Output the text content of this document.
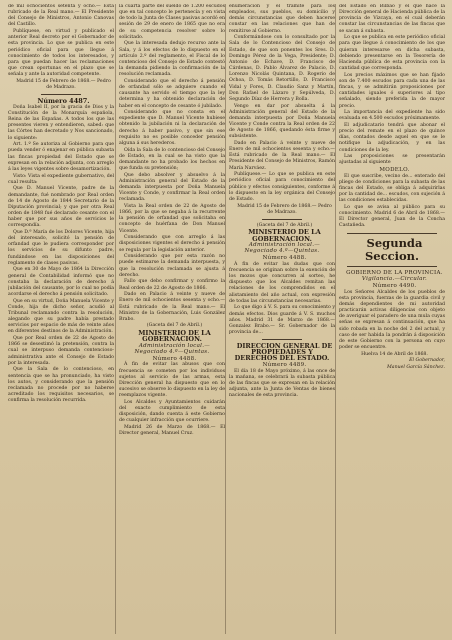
de mil ochocientos setenta y ocho.— Esta rubricado de la Real mano.— El Presidente del Consejo de Ministros, Antonio Canovas del Castillo.

Publíquese, en virtud y publicado el anterior Real decreto por el Gobernador de esta provincia. Lo que se publica en este periódico oficial para que llegue á conocimiento de todos los interesados, y para que puedan hacer las reclamaciones que crean oportunas en el plazo que se señala y ante la autoridad competente.

Madrid 15 de Febrero de 1868.— Pedro de Madrazo.

Número 4487.

Doña Isabel II, por la gracia de Dios y la Constitución de la Monarquía española, Reina de las Españas. A todos los que las presentes vieren y entendieren, sabed: que las Córtes han decretado y Nos sancionado, lo siguiente:

Art. 1.º Se autoriza al Gobierno para que pueda vender ó enajenar en pública subasta las fincas propiedad del Estado que se expresan en la relación adjunta, con arreglo á las leyes vigentes sobre desamortización.

Visto: Vista el expediente gubernativo, del cual resulta:

Que D. Manuel Vicente, padre de la demandante, fué nombrado por Real orden de 14 de Agosto de 1844 Secretario de la Diputación provincial; y que por otra Real orden de 1848 fué declarado cesante con el haber que por sus años de servicios le correspondía.

Que D.ª María de los Dolores Vicente, hija del interesado, solicitó la pensión de orfandad que le pudiera corresponder por los servicios de su difunto padre, fundándose en las disposiciones del reglamento de clases pasivas.

Que en 30 de Mayo de 1864 la Dirección general de Contabilidad informó que no constaba la declaración de derecho á jubilación del causante, por lo cual no podía acordarse el derecho á pensión solicitado.

Que en su virtud, Doña Manuela Vicente y Conde, hija de dicho señor, acudió al Tribunal reclamando contra la resolución, alegando que su padre había prestado servicios por espacio de más de veinte años en diferentes destinos de la Administración.

Que por Real orden de 22 de Agosto de 1866 se desestimó la pretensión, contra la cual se interpuso demanda contencioso-administrativa ante el Consejo de Estado por la interesada.

Que la Sala de lo contencioso, en sentencia que se ha pronunciado, ha visto los autos, y considerando que la pensión reclamada no procede por no haberse acreditado los requisitos necesarios, se confirma la resolución recurrida.

la cuarta parte del sueldo de 1.200 escudos que en tal concepto le pertenecía y en vista de todo la Junta de Clases pasivas acordó en sesión de 29 de enero de 1865 que no era de su competencia resolver sobre lo solicitado.

Que la interesada dedujo recurso ante la Sala, y á los efectos de lo dispuesto en el artículo 2.º del reglamento, el Fiscal de lo contencioso del Consejo de Estado contestó la demanda pidiendo la confirmación de la resolución reclamada.

Considerando que el derecho á pensión de orfandad sólo se adquiere cuando el causante ha servido el tiempo que la ley determina y ha obtenido declaración de haber en el concepto de cesante ó jubilado.

Considerando que no consta en el expediente que D. Manuel Vicente hubiese obtenido la jubilación ni la declaración de derecho á haber pasivo, y que sin ese requisito no es posible conceder pensión alguna á sus herederos.

Oída la Sala de lo contencioso del Consejo de Estado, en la cual se ha visto que la demandante no ha probado los hechos en que funda su pretensión;

Que debo absolver y absuelvo á la Administración general del Estado de la demanda interpuesta por Doña Manuela Vicente y Conde, y confirmar la Real orden reclamada.

Vista la Real orden de 22 de Agosto de 1866, por la que se negaba á la recurrente la pensión de orfandad que solicitaba en concepto de huérfana de Don Manuel Vicente.

Considerando que con arreglo á las disposiciones vigentes el derecho á pensión se regula por la legislación anterior.

Considerando que por esta razón no puede estimarse la demanda interpuesta, y que la resolución reclamada se ajusta á derecho.

Fallo que debo confirmar y confirmo la Real orden de 22 de Agosto de 1866.

Dado en Palacio á veinte y nueve de Enero de mil ochocientos sesenta y ocho.— Está rubricado de la Real mano.— El Ministro de la Gobernación, Luis González Brabo.

(Gaceta del 7 de Abril.)

MINISTERIO DE LA GOBERNACION.

Administración local.— Negociado 4.º—Quintas.

Número 4488.

Á fin de evitar las abusos que con frecuencia se cometen por los individuos sujetos al servicio de las armas, esta Dirección general ha dispuesto que en lo sucesivo se observe lo dispuesto en la ley de reemplazos vigente.

Los Alcaldes y Ayuntamientos cuidarán del exacto cumplimiento de esta disposición, dando cuenta á este Gobierno de cualquier infracción que ocurriere.

Madrid 26 de Marzo de 1868.— El Director general, Manuel Cruz.

enumeración y el trámite para los empleados, sus pueblos, su domicilio y demás circunstancias que deben hacerse constar en las relaciones que han de remitirse al Gobierno.

Conformándose con lo consultado por la Sala de lo Contencioso del Consejo de Estado, de que son ponentes los Sres. D. Domingo Pérez de la Vega, Presidente; D. Antonio de Echave, D. Francisco de Cárdenas, D. Pablo Álvarez de Palacio, D. Lorenzo Nicolás Quintana, D. Rogerio de Ochoa, D. Tomás Retortillo, D. Francisco Vidal y Fores, D. Claudio Sanz y Martín, Don Rafael de Lázaro y Sepúlveda, D. Segundo Díaz de Herrera y Bolla.

Vengo en dar por absuelta á la Administración general del Estado de la demanda interpuesta por Doña Manuela Vicente y Conde contra la Real orden de 22 de Agosto de 1866, quedando ésta firme y subsistente.

Dado en Palacio á veinte y nueve de Enero de mil ochocientos sesenta y ocho.— Está rubricado de la Real mano.— El Presidente del Consejo de Ministros, Ramón María Narváez.

Publíquese.— Lo que se publica en este periódico oficial para conocimiento del público y efectos consiguientes, conforme á lo dispuesto en la ley orgánica del Consejo de Estado.

Madrid 15 de Febrero de 1868.— Pedro de Madrazo.

(Gaceta del 7 de Abril.)

MINISTERIO DE LA GOBERNACION.

Administración local.— Negociado 4.º—Quintas.

Número 4488.

Á fin de evitar las dudas que con frecuencia se originan sobre la exención de los mozos que concurren al sorteo, he dispuesto que los Alcaldes remitan las relaciones de los comprendidos en el alistamiento del año actual, con expresión de todas las circunstancias necesarias.

Lo que digo á V. S. para su conocimiento y demás efectos. Dios guarde á V. S. muchos años. Madrid 31 de Marzo de 1868.— Gonzalez Brabo.— Sr. Gobernador de la provincia de...

DIRECCION GENERAL DE PROPIEDADES Y DERECHOS DEL ESTADO.

Número 4489.

El día 18 de Mayo próximo, á las once de la mañana, se celebrará la subasta pública de las fincas que se expresan en la relación adjunta, ante la Junta de Ventas de bienes nacionales de esta provincia.

del Estado en Bilbao y el que hace la Dirección general de Hacienda pública de la provincia de Vizcaya, en el cual deberán constar las circunstancias de las fincas que se sacan á subasta.

Lo que se publica en este periódico oficial para que llegue á conocimiento de los que quieran interesarse en dicha subasta, debiendo presentarse en la Tesorería de Hacienda pública de esta provincia con la cantidad que corresponda.

Los precios máximos que se han fijado son de 7.400 escudos para cada una de las fincas, y se admitirán proposiciones por cantidades iguales ó superiores al tipo señalado, siendo preferida la de mayor precio.

La importancia del expediente ha sido evaluada en 4.500 escudos próximamente.

El adjudicatario tendrá que abonar el precio del remate en el plazo de quince días, contados desde aquel en que se le notifique la adjudicación, y en las condiciones de la ley.

Las proposiciones se presentarán ajustadas al siguiente

MODELO.

El que suscribe, vecino de... enterado del pliego de condiciones para la subasta de las fincas del Estado, se obliga á adquirirlas por la cantidad de... escudos, con sujeción á las condiciones establecidas.

Lo que se avisa al público para su conocimiento. Madrid 6 de Abril de 1868.— El Director general, Juan de la Concha Castañeda.

Segunda Seccion.

GOBIERNO DE LA PROVINCIA.

Vigilancia.—Circular.

Número 4490.

Los Señores Alcaldes de los pueblos de esta provincia, fuerzas de la guardia civil y demás dependientes de mi autoridad practicarán activas diligencias con objeto de averiguar el paradero de una mula cuyas señas se expresan á continuación, que ha sido robada en la noche del 2 del actual, y caso de ser habida la pondrán á disposición de este Gobierno con la persona en cuyo poder se encuentre.

Huelva 14 de Abril de 1868.

El Gobernador,

Manuel García Sánchez.
